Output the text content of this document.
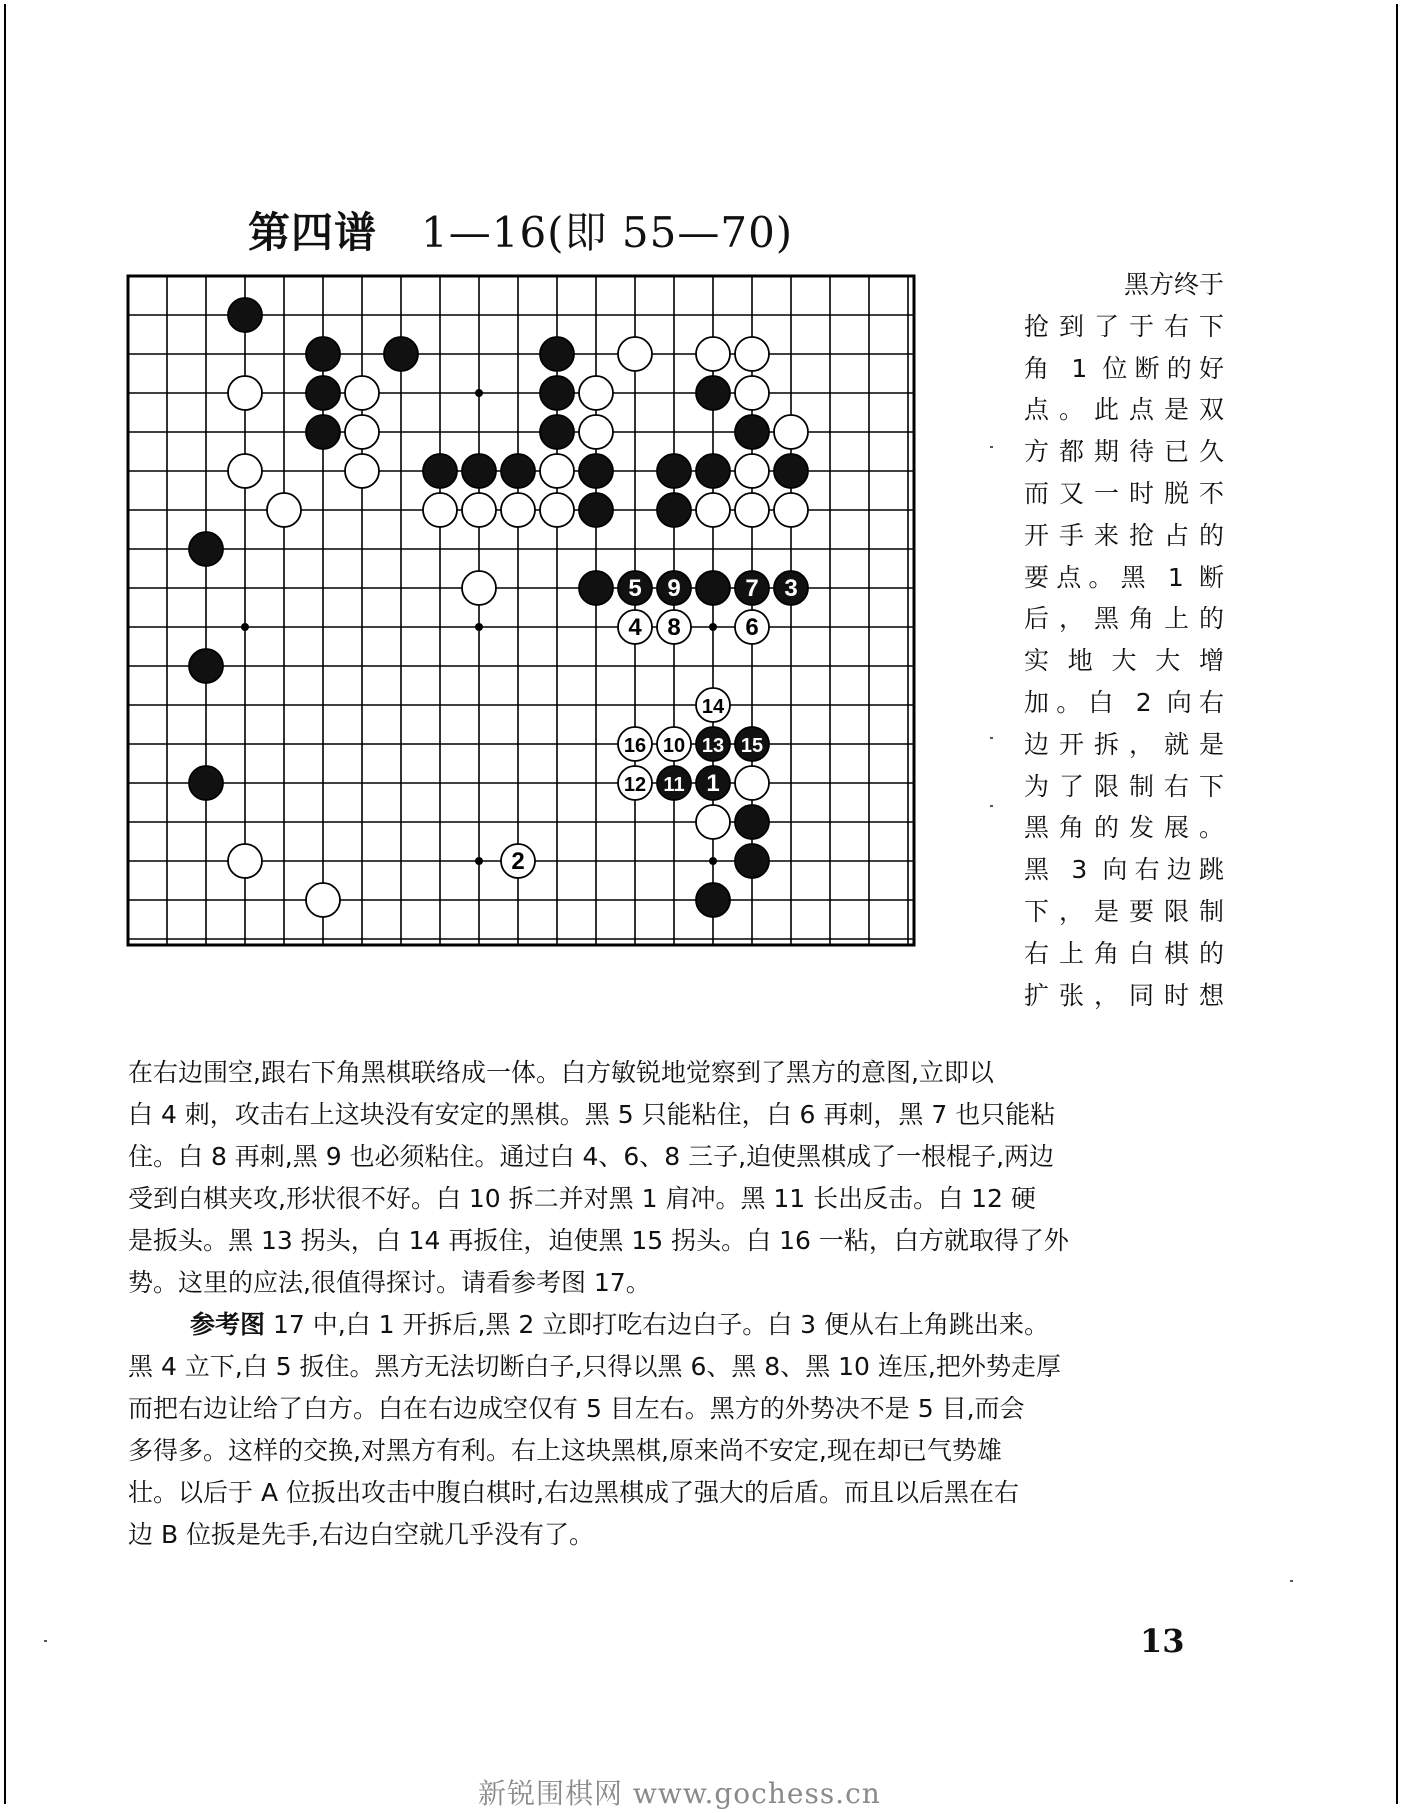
第四谱 1—16(即 55—70)
1
2
3
4
5
6
7
8
9
10
11
12
13
14
15
16
黑方终于
抢到了于右下
角 1 位断的好
点。此点是双
方都期待已久
而又一时脱不
开手来抢占的
要点。黑 1 断
后，黑角上的
实 地 大 大 增
加。白 2 向右
边开拆，就是
为了限制右下
黑角的发展。
黑 3 向右边跳
下，是要限制
右上角白棋的
扩张，同时想
在右边围空,跟右下角黑棋联络成一体。白方敏锐地觉察到了黑方的意图,立即以
白 4 刺，攻击右上这块没有安定的黑棋。黑 5 只能粘住，白 6 再刺，黑 7 也只能粘
住。白 8 再刺,黑 9 也必须粘住。通过白 4、6、8 三子,迫使黑棋成了一根棍子,两边
受到白棋夹攻,形状很不好。白 10 拆二并对黑 1 肩冲。黑 11 长出反击。白 12 硬
是扳头。黑 13 拐头，白 14 再扳住，迫使黑 15 拐头。白 16 一粘，白方就取得了外
势。这里的应法,很值得探讨。请看参考图 17。
参考图 17 中,白 1 开拆后,黑 2 立即打吃右边白子。白 3 便从右上角跳出来。
黑 4 立下,白 5 扳住。黑方无法切断白子,只得以黑 6、黑 8、黑 10 连压,把外势走厚
而把右边让给了白方。白在右边成空仅有 5 目左右。黑方的外势决不是 5 目,而会
多得多。这样的交换,对黑方有利。右上这块黑棋,原来尚不安定,现在却已气势雄
壮。以后于 A 位扳出攻击中腹白棋时,右边黑棋成了强大的后盾。而且以后黑在右
边 B 位扳是先手,右边白空就几乎没有了。
13
新锐围棋网 www.gochess.cn
